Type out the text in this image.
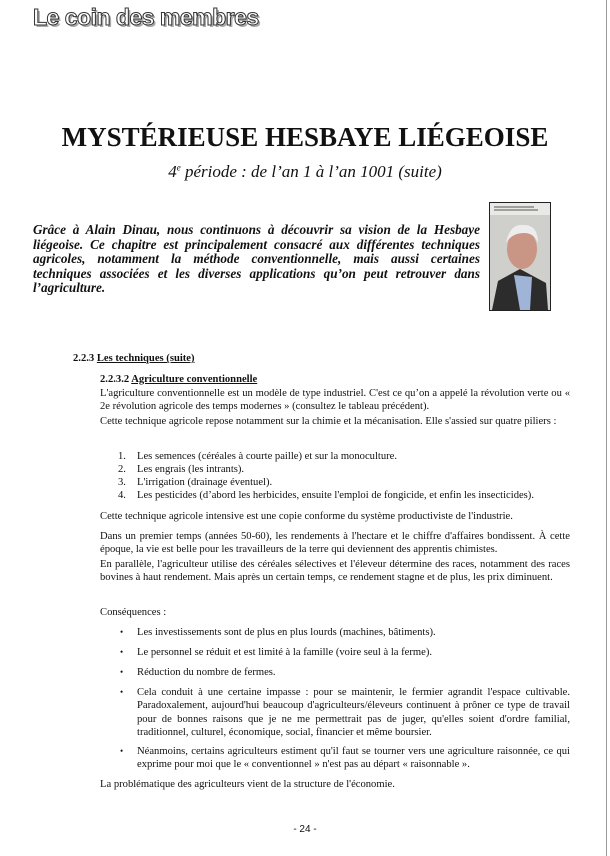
Le coin des membres
MYSTÉRIEUSE HESBAYE LIÉGEOISE
4e période : de l’an 1 à l’an 1001 (suite)
Grâce à Alain Dinau, nous continuons à découvrir sa vision de la Hesbaye liégeoise. Ce chapitre est principalement consacré aux différentes techniques agricoles, notamment la méthode conventionnelle, mais aussi certaines techniques associées et les diverses applications qu’on peut retrouver dans l’agriculture.
2.2.3 Les techniques (suite)
2.2.3.2 Agriculture conventionnelle
L'agriculture conventionnelle est un modèle de type industriel. C'est ce qu’on a appelé la révolution verte ou « 2e révolution agricole des temps modernes » (consultez le tableau précédent).
Cette technique agricole repose notamment sur la chimie et la mécanisation. Elle s'assied sur quatre piliers :
1. Les semences (céréales à courte paille) et sur la monoculture.
2. Les engrais (les intrants).
3. L'irrigation (drainage éventuel).
4. Les pesticides (d’abord les herbicides, ensuite l'emploi de fongicide, et enfin les insecticides).
Cette technique agricole intensive est une copie conforme du système productiviste de l'industrie.
Dans un premier temps (années 50-60), les rendements à l'hectare et le chiffre d'affaires bondissent. À cette époque, la vie est belle pour les travailleurs de la terre qui deviennent des apprentis chimistes.
En parallèle, l'agriculteur utilise des céréales sélectives et l'éleveur détermine des races, notamment des races bovines à haut rendement. Mais après un certain temps, ce rendement stagne et de plus, les prix diminuent.
Conséquences :
• Les investissements sont de plus en plus lourds (machines, bâtiments).
• Le personnel se réduit et est limité à la famille (voire seul à la ferme).
• Réduction du nombre de fermes.
• Cela conduit à une certaine impasse : pour se maintenir, le fermier agrandit l'espace cultivable. Paradoxalement, aujourd'hui beaucoup d'agriculteurs/éleveurs continuent à prôner ce type de travail pour de bonnes raisons que je ne me permettrait pas de juger, qu'elles soient d'ordre familial, traditionnel, culturel, économique, social, financier et même boursier.
• Néanmoins, certains agriculteurs estiment qu'il faut se tourner vers une agriculture raisonnée, ce qui exprime pour moi que le « conventionnel » n'est pas au départ « raisonnable ».
La problématique des agriculteurs vient de la structure de l'économie.
- 24 -
